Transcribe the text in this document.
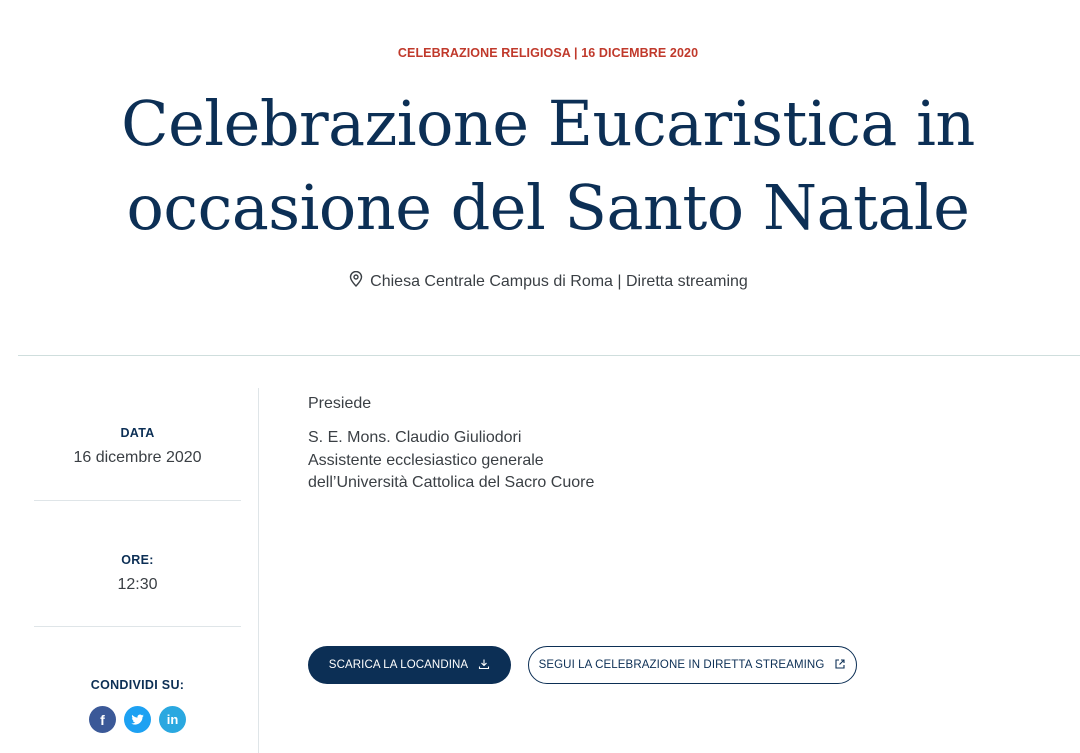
CELEBRAZIONE RELIGIOSA | 16 DICEMBRE 2020
Celebrazione Eucaristica in
occasione del Santo Natale
Chiesa Centrale Campus di Roma | Diretta streaming
DATA
16 dicembre 2020
ORE:
12:30
CONDIVIDI SU:
f	in
Presiede
S. E. Mons. Claudio Giuliodori
Assistente ecclesiastico generale
dell’Università Cattolica del Sacro Cuore
SCARICA LA LOCANDINA	SEGUI LA CELEBRAZIONE IN DIRETTA STREAMING
